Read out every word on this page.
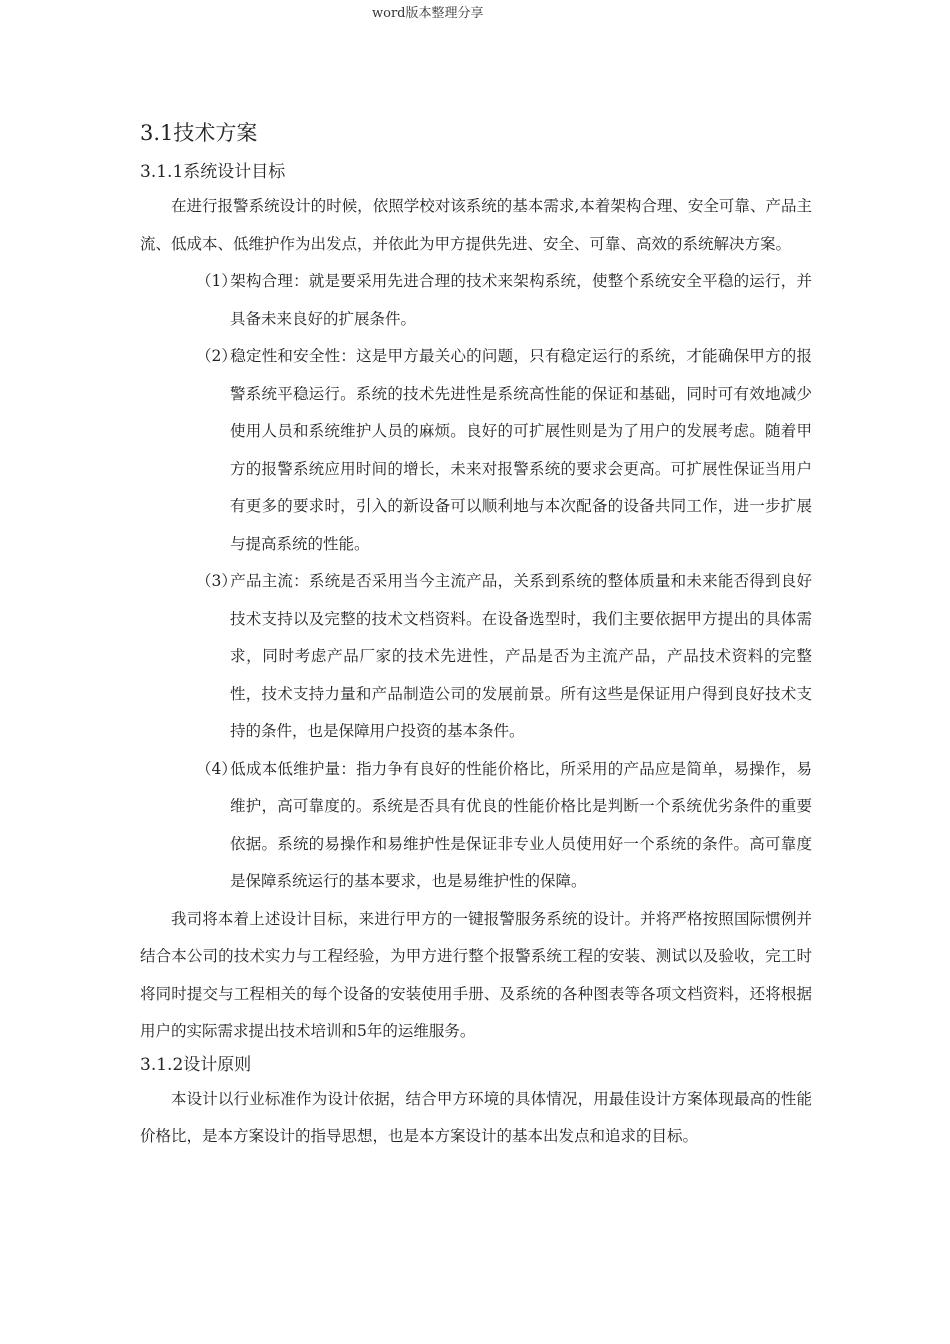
word版本整理分享
3.1技术方案
3.1.1系统设计目标

在进行报警系统设计的时候，依照学校对该系统的基本需求,本着架构合理、安全可靠、产品主流、低成本、低维护作为出发点，并依此为甲方提供先进、安全、可靠、高效的系统解决方案。

（1）架构合理：就是要采用先进合理的技术来架构系统，使整个系统安全平稳的运行，并具备未来良好的扩展条件。
（2）稳定性和安全性：这是甲方最关心的问题，只有稳定运行的系统，才能确保甲方的报警系统平稳运行。系统的技术先进性是系统高性能的保证和基础，同时可有效地减少使用人员和系统维护人员的麻烦。良好的可扩展性则是为了用户的发展考虑。随着甲方的报警系统应用时间的增长，未来对报警系统的要求会更高。可扩展性保证当用户有更多的要求时，引入的新设备可以顺利地与本次配备的设备共同工作，进一步扩展与提高系统的性能。
（3）产品主流：系统是否采用当今主流产品，关系到系统的整体质量和未来能否得到良好技术支持以及完整的技术文档资料。在设备选型时，我们主要依据甲方提出的具体需求，同时考虑产品厂家的技术先进性，产品是否为主流产品，产品技术资料的完整性，技术支持力量和产品制造公司的发展前景。所有这些是保证用户得到良好技术支持的条件，也是保障用户投资的基本条件。
（4）低成本低维护量：指力争有良好的性能价格比，所采用的产品应是简单，易操作，易维护，高可靠度的。系统是否具有优良的性能价格比是判断一个系统优劣条件的重要依据。系统的易操作和易维护性是保证非专业人员使用好一个系统的条件。高可靠度是保障系统运行的基本要求，也是易维护性的保障。

我司将本着上述设计目标，来进行甲方的一键报警服务系统的设计。并将严格按照国际惯例并结合本公司的技术实力与工程经验，为甲方进行整个报警系统工程的安装、测试以及验收，完工时将同时提交与工程相关的每个设备的安装使用手册、及系统的各种图表等各项文档资料，还将根据用户的实际需求提出技术培训和5年的运维服务。

3.1.2设计原则

本设计以行业标准作为设计依据，结合甲方环境的具体情况，用最佳设计方案体现最高的性能价格比，是本方案设计的指导思想，也是本方案设计的基本出发点和追求的目标。
